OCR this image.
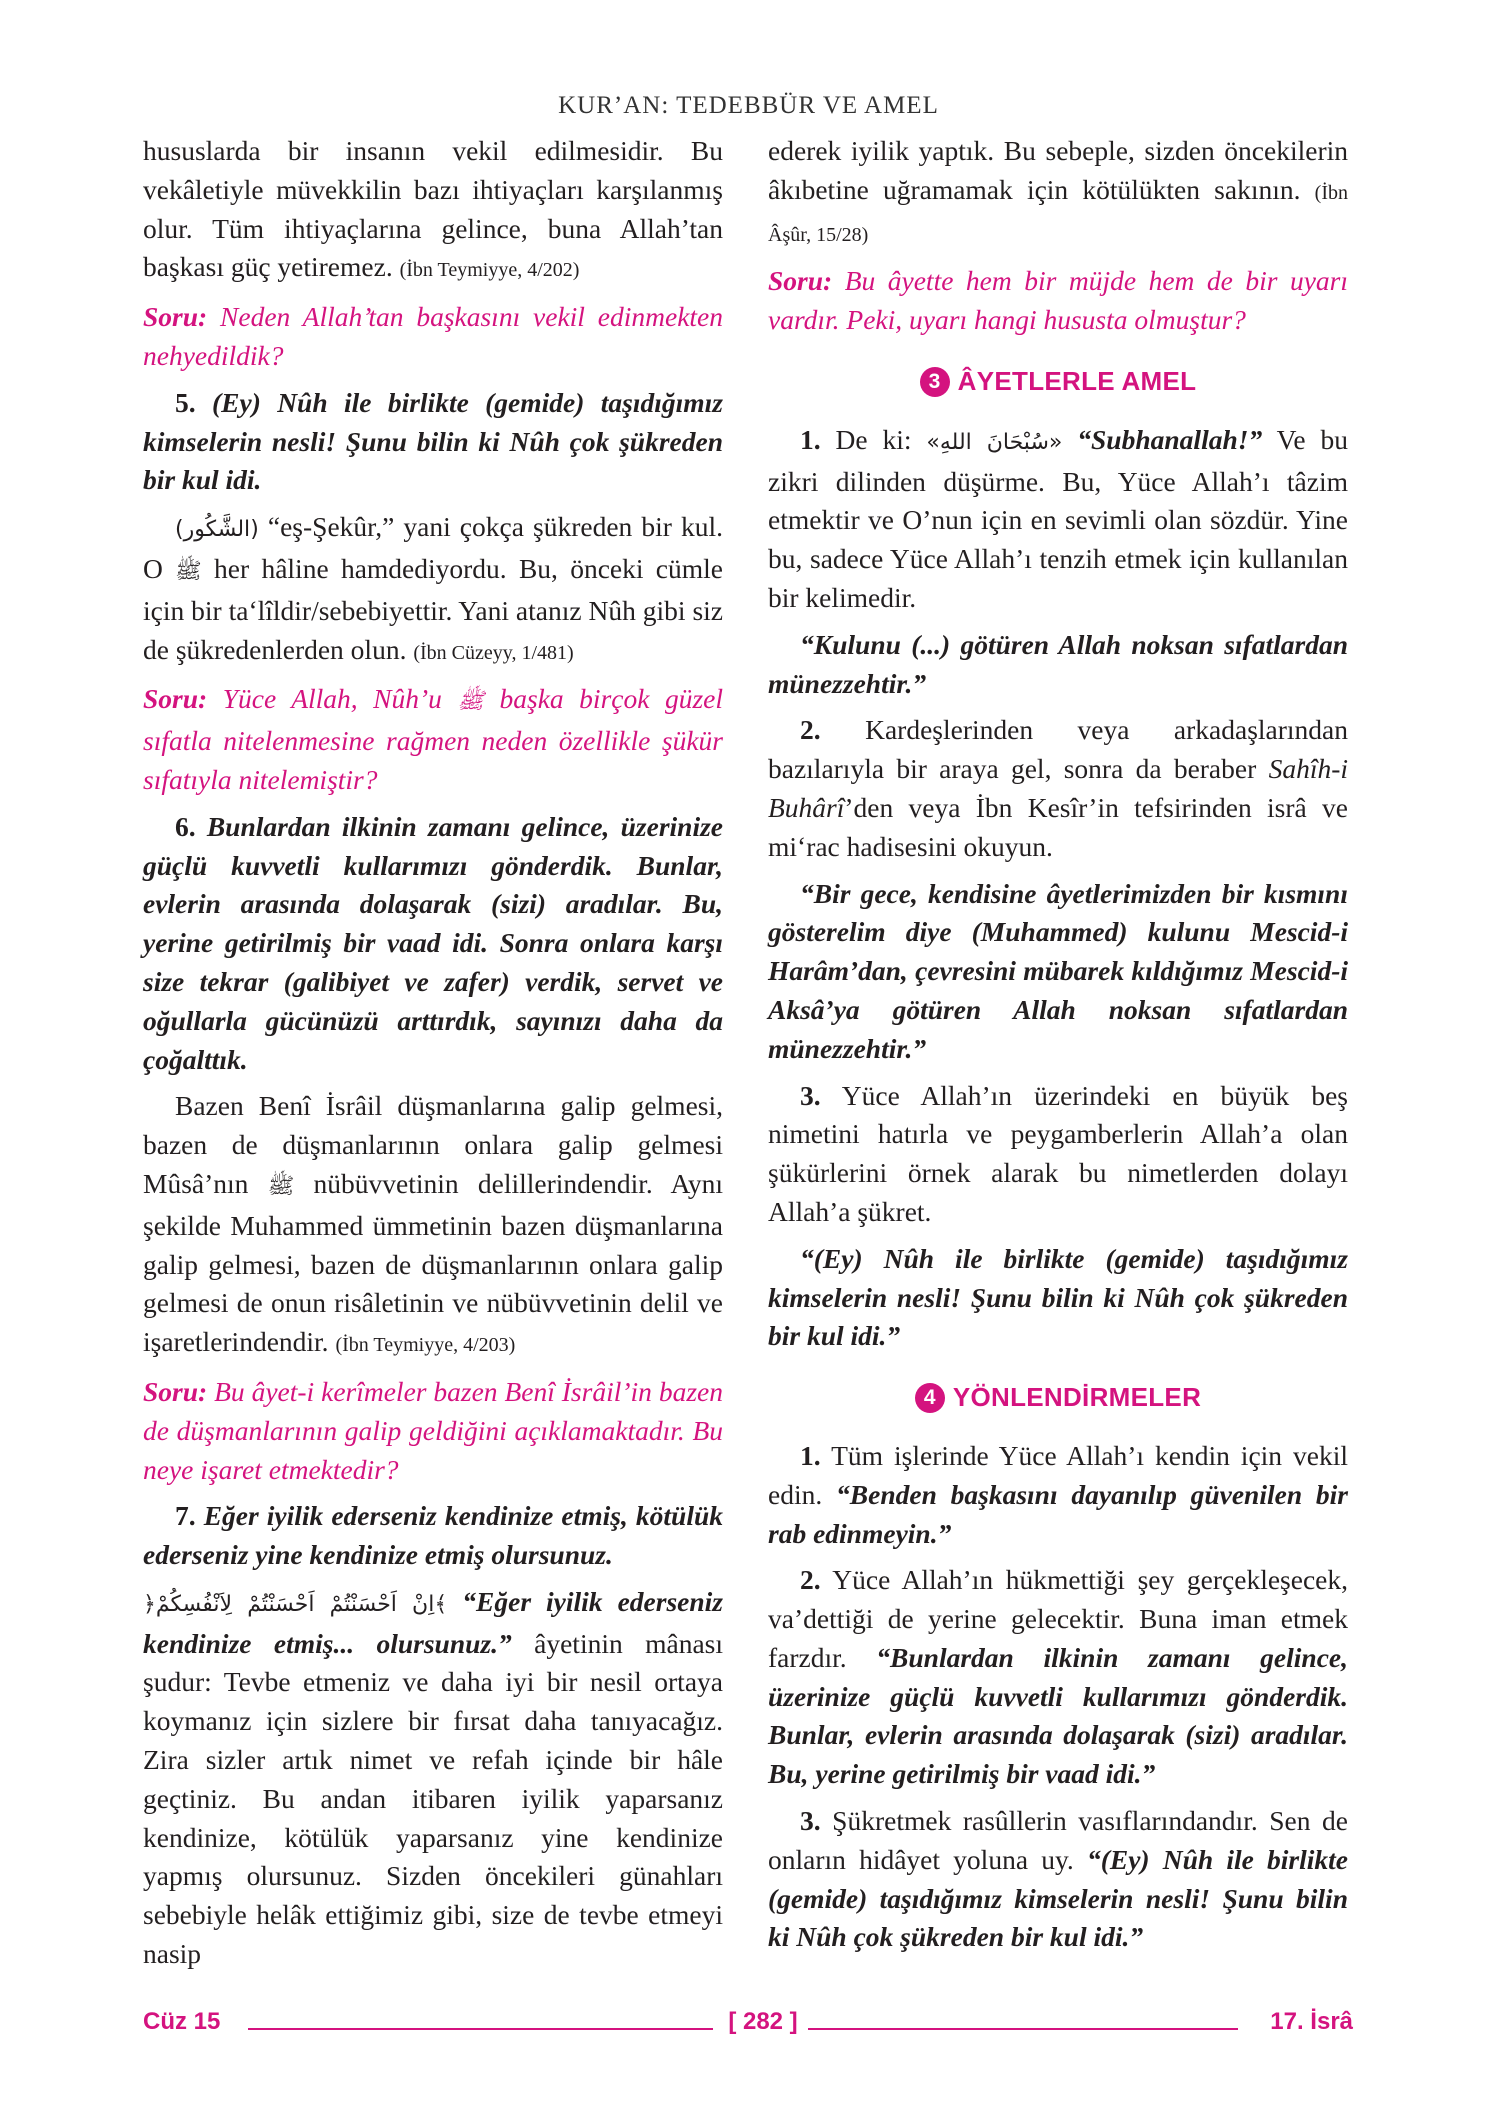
KUR’AN: TEDEBBÜR VE AMEL

hususlarda bir insanın vekil edilmesidir. Bu vekâletiyle müvekkilin bazı ihtiyaçları karşılanmış olur. Tüm ihtiyaçlarına gelince, buna Allah’tan başkası güç yetiremez. (İbn Teymiyye, 4/202)

Soru: Neden Allah’tan başkasını vekil edinmekten nehyedildik?

5. (Ey) Nûh ile birlikte (gemide) taşıdığımız kimselerin nesli! Şunu bilin ki Nûh çok şükreden bir kul idi.

(الشَّكُور) “eş-Şekûr,” yani çokça şükreden bir kul. O ﷺ her hâline hamdediyordu. Bu, önceki cümle için bir ta‘lîldir/sebebiyettir. Yani atanız Nûh gibi siz de şükredenlerden olun. (İbn Cüzeyy, 1/481)

Soru: Yüce Allah, Nûh’u ﷺ başka birçok güzel sıfatla nitelenmesine rağmen neden özellikle şükür sıfatıyla nitelemiştir?

6. Bunlardan ilkinin zamanı gelince, üzerinize güçlü kuvvetli kullarımızı gönderdik. Bunlar, evlerin arasında dolaşarak (sizi) aradılar. Bu, yerine getirilmiş bir vaad idi. Sonra onlara karşı size tekrar (galibiyet ve zafer) verdik, servet ve oğullarla gücünüzü arttırdık, sayınızı daha da çoğalttık.

Bazen Benî İsrâil düşmanlarına galip gelmesi, bazen de düşmanlarının onlara galip gelmesi Mûsâ’nın ﷺ nübüvvetinin delillerindendir. Aynı şekilde Muhammed ümmetinin bazen düşmanlarına galip gelmesi, bazen de düşmanlarının onlara galip gelmesi de onun risâletinin ve nübüvvetinin delil ve işaretlerindendir. (İbn Teymiyye, 4/203)

Soru: Bu âyet-i kerîmeler bazen Benî İsrâil’in bazen de düşmanlarının galip geldiğini açıklamaktadır. Bu neye işaret etmektedir?

7. Eğer iyilik ederseniz kendinize etmiş, kötülük ederseniz yine kendinize etmiş olursunuz.

﴿اِنْ اَحْسَنْتُمْ اَحْسَنْتُمْ لِاَنْفُسِكُمْ﴾ “Eğer iyilik ederseniz kendinize etmiş... olursunuz.” âyetinin mânası şudur: Tevbe etmeniz ve daha iyi bir nesil ortaya koymanız için sizlere bir fırsat daha tanıyacağız. Zira sizler artık nimet ve refah içinde bir hâle geçtiniz. Bu andan itibaren iyilik yaparsanız kendinize, kötülük yaparsanız yine kendinize yapmış olursunuz. Sizden öncekileri günahları sebebiyle helâk ettiğimiz gibi, size de tevbe etmeyi nasip

ederek iyilik yaptık. Bu sebeple, sizden öncekilerin âkıbetine uğramamak için kötülükten sakının. (İbn Âşûr, 15/28)

Soru: Bu âyette hem bir müjde hem de bir uyarı vardır. Peki, uyarı hangi hususta olmuştur?

3 ÂYETLERLE AMEL

1. De ki: «سُبْحَانَ اللهِ» “Subhanallah!” Ve bu zikri dilinden düşürme. Bu, Yüce Allah’ı tâzim etmektir ve O’nun için en sevimli olan sözdür. Yine bu, sadece Yüce Allah’ı tenzih etmek için kullanılan bir kelimedir.

“Kulunu (...) götüren Allah noksan sıfatlardan münezzehtir.”

2. Kardeşlerinden veya arkadaşlarından bazılarıyla bir araya gel, sonra da beraber Sahîh-i Buhârî’den veya İbn Kesîr’in tefsirinden isrâ ve mi‘rac hadisesini okuyun.

“Bir gece, kendisine âyetlerimizden bir kısmını gösterelim diye (Muhammed) kulunu Mescid-i Harâm’dan, çevresini mübarek kıldığımız Mescid-i Aksâ’ya götüren Allah noksan sıfatlardan münezzehtir.”

3. Yüce Allah’ın üzerindeki en büyük beş nimetini hatırla ve peygamberlerin Allah’a olan şükürlerini örnek alarak bu nimetlerden dolayı Allah’a şükret.

“(Ey) Nûh ile birlikte (gemide) taşıdığımız kimselerin nesli! Şunu bilin ki Nûh çok şükreden bir kul idi.”

4 YÖNLENDİRMELER

1. Tüm işlerinde Yüce Allah’ı kendin için vekil edin. “Benden başkasını dayanılıp güvenilen bir rab edinmeyin.”

2. Yüce Allah’ın hükmettiği şey gerçekleşecek, va’dettiği de yerine gelecektir. Buna iman etmek farzdır. “Bunlardan ilkinin zamanı gelince, üzerinize güçlü kuvvetli kullarımızı gönderdik. Bunlar, evlerin arasında dolaşarak (sizi) aradılar. Bu, yerine getirilmiş bir vaad idi.”

3. Şükretmek rasûllerin vasıflarındandır. Sen de onların hidâyet yoluna uy. “(Ey) Nûh ile birlikte (gemide) taşıdığımız kimselerin nesli! Şunu bilin ki Nûh çok şükreden bir kul idi.”

Cüz 15	[ 282 ]	17. İsrâ
